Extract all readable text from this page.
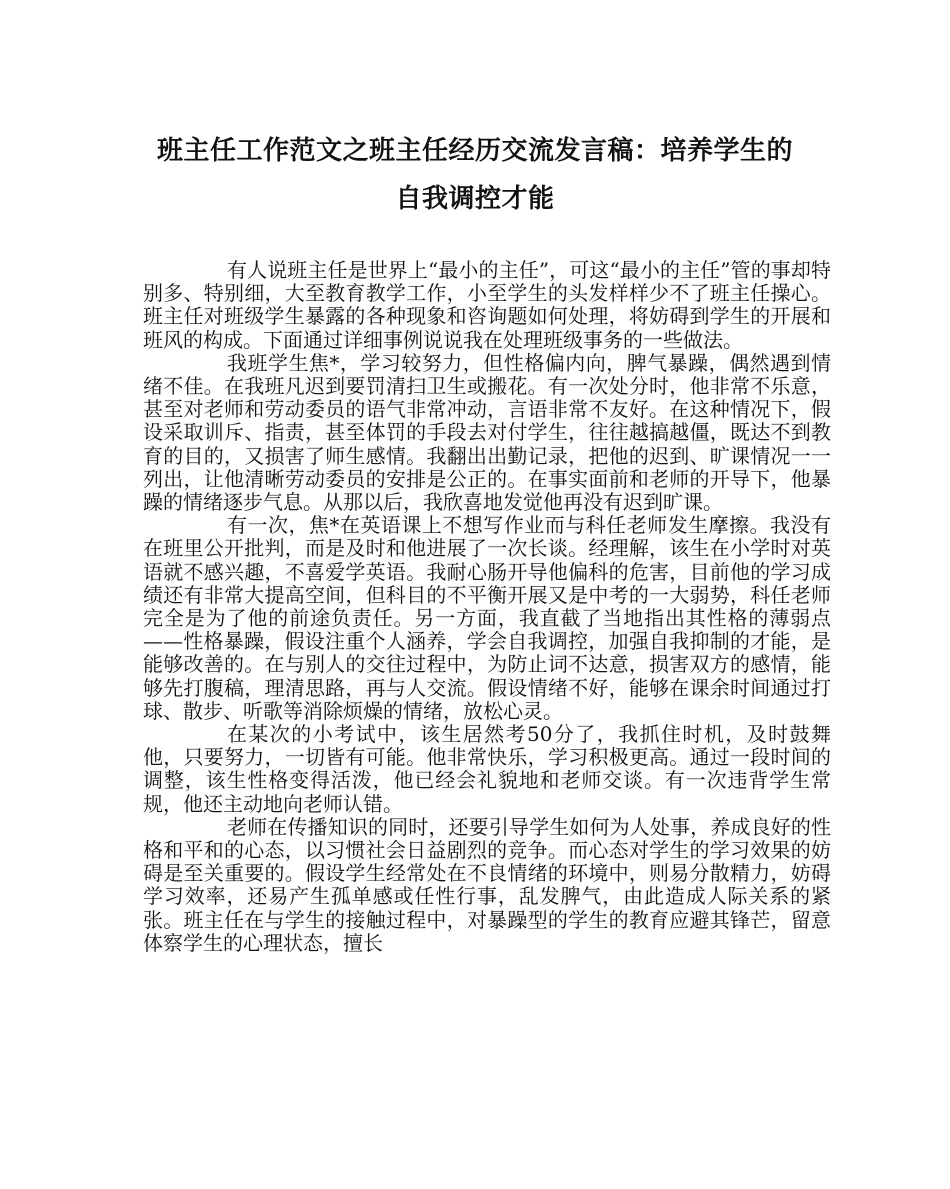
班主任工作范文之班主任经历交流发言稿：培养学生的
自我调控才能

有人说班主任是世界上“最小的主任”，可这“最小的主任”管的事却特别多、特别细，大至教育教学工作，小至学生的头发样样少不了班主任操心。班主任对班级学生暴露的各种现象和咨询题如何处理，将妨碍到学生的开展和班风的构成。下面通过详细事例说说我在处理班级事务的一些做法。

我班学生焦*，学习较努力，但性格偏内向，脾气暴躁，偶然遇到情绪不佳。在我班凡迟到要罚清扫卫生或搬花。有一次处分时，他非常不乐意，甚至对老师和劳动委员的语气非常冲动，言语非常不友好。在这种情况下，假设采取训斥、指责，甚至体罚的手段去对付学生，往往越搞越僵，既达不到教育的目的，又损害了师生感情。我翻出出勤记录，把他的迟到、旷课情况一一列出，让他清晰劳动委员的安排是公正的。在事实面前和老师的开导下，他暴躁的情绪逐步气息。从那以后，我欣喜地发觉他再没有迟到旷课。

有一次，焦*在英语课上不想写作业而与科任老师发生摩擦。我没有在班里公开批判，而是及时和他进展了一次长谈。经理解，该生在小学时对英语就不感兴趣，不喜爱学英语。我耐心肠开导他偏科的危害，目前他的学习成绩还有非常大提高空间，但科目的不平衡开展又是中考的一大弱势，科任老师完全是为了他的前途负责任。另一方面，我直截了当地指出其性格的薄弱点——性格暴躁，假设注重个人涵养，学会自我调控，加强自我抑制的才能，是能够改善的。在与别人的交往过程中，为防止词不达意，损害双方的感情，能够先打腹稿，理清思路，再与人交流。假设情绪不好，能够在课余时间通过打球、散步、听歌等消除烦燥的情绪，放松心灵。

在某次的小考试中，该生居然考50分了，我抓住时机，及时鼓舞他，只要努力，一切皆有可能。他非常快乐，学习积极更高。通过一段时间的调整，该生性格变得活泼，他已经会礼貌地和老师交谈。有一次违背学生常规，他还主动地向老师认错。

老师在传播知识的同时，还要引导学生如何为人处事，养成良好的性格和平和的心态，以习惯社会日益剧烈的竞争。而心态对学生的学习效果的妨碍是至关重要的。假设学生经常处在不良情绪的环境中，则易分散精力，妨碍学习效率，还易产生孤单感或任性行事，乱发脾气，由此造成人际关系的紧张。班主任在与学生的接触过程中，对暴躁型的学生的教育应避其锋芒，留意体察学生的心理状态，擅长
